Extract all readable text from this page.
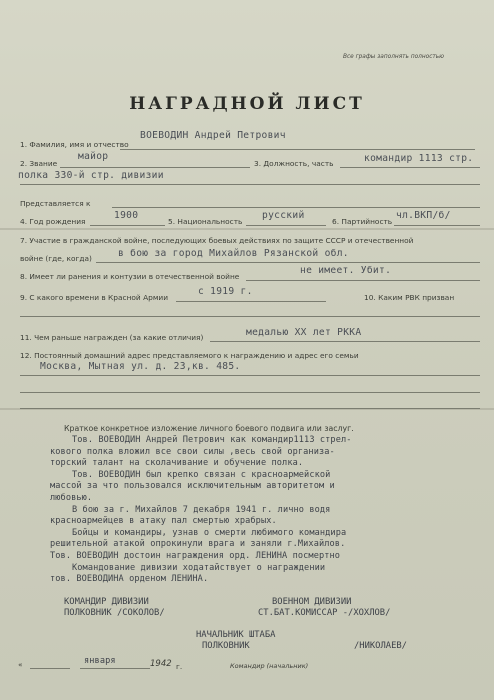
Все графы заполнять полностью
НАГРАДНОЙ ЛИСТ
1. Фамилия, имя и отчество
ВОЕВОДИН Андрей Петрович
2. Звание
майор
3. Должность, часть	командир 1113 стр.
полка 330-й стр. дивизии
Представляется к
4. Год рождения
1900
5. Национальность
русский
6. Партийность
чл.ВКП/б/
7. Участие в гражданской войне, последующих боевых действиях по защите СССР и отечественной
войне (где, когда)	в бою за город Михайлов Рязанской обл.
8. Имеет ли ранения и контузии в отечественной войне
не имеет. Убит.
9. С какого времени в Красной Армии
с 1919 г.
10. Каким РВК призван
11. Чем раньше награжден (за какие отличия)	медалью XX лет РККА
12. Постоянный домашний адрес представляемого к награждению и адрес его семьи
Москва, Мытная ул. д. 23,кв. 485.
Краткое конкретное изложение личного боевого подвига или заслуг.

Тов. ВОЕВОДИН Андрей Петрович как командир1113 стрел-

кового полка вложил все свои силы ,весь свой организа-

торский талант на сколачивание и обучение полка.

Тов. ВОЕВОДИН был крепко связан с красноармейской

массой за что пользовался исключительным авторитетом и

любовью.

В бою за г. Михайлов 7 декабря 1941 г. лично водя

красноармейцев в атаку пал смертью храбрых.

Бойцы и командиры, узнав о смерти любимого командира

решительной атакой опрокинули врага и заняли г.Михайлов.

Тов. ВОЕВОДИН достоин награждения орд. ЛЕНИНА посмертно

Командование дивизии ходатайствует о награждении

тов. ВОЕВОДИНА орденом ЛЕНИНА.

КОМАНДИР ДИВИЗИИ
ПОЛКОВНИК /СОКОЛОВ/
ВОЕННОМ ДИВИЗИИ
СТ.БАТ.КОМИССАР -/ХОХЛОВ/
НАЧАЛЬНИК ШТАБА
ПОЛКОВНИК	/НИКОЛАЕВ/
«	января	1942 г.	Командир (начальник)
